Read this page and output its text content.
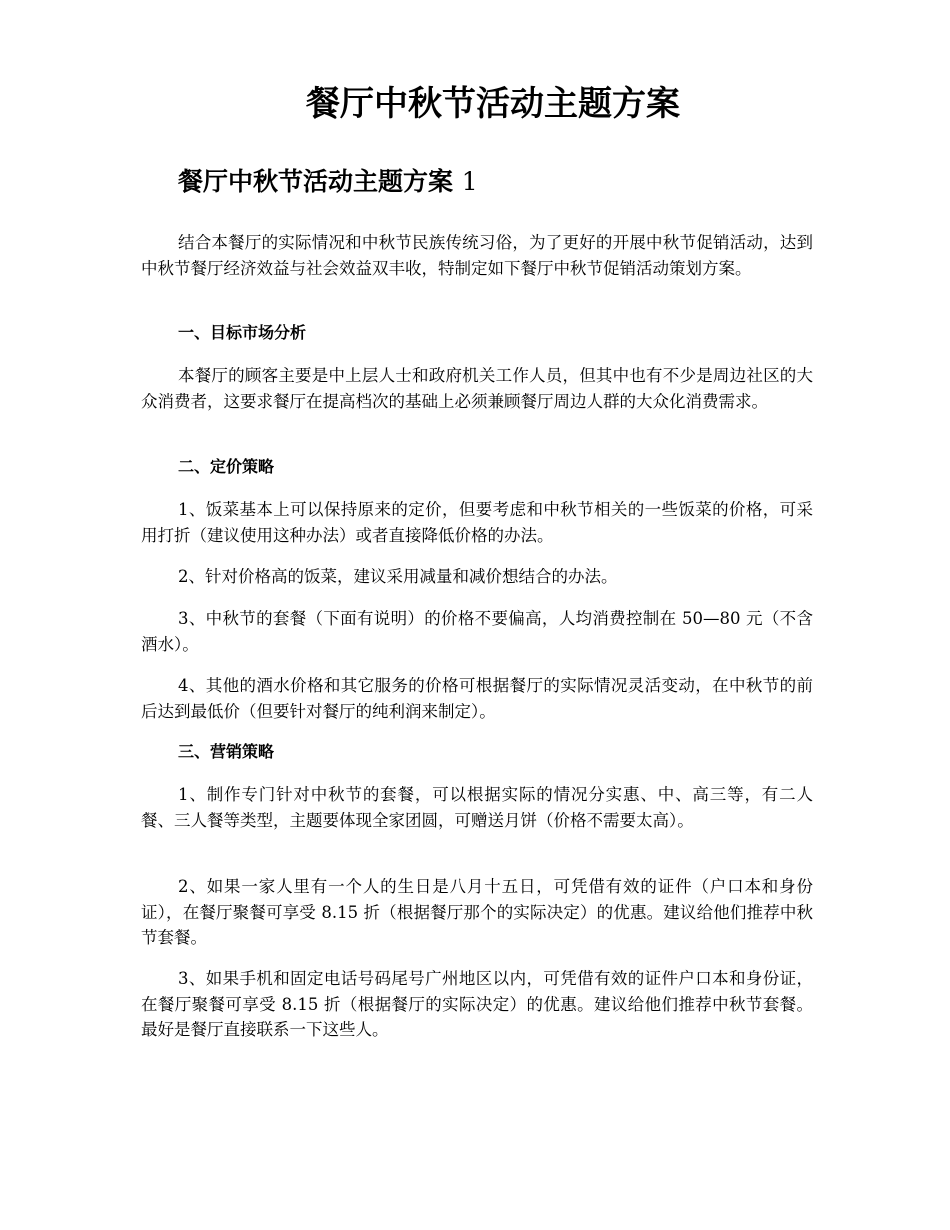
餐厅中秋节活动主题方案
餐厅中秋节活动主题方案 1

结合本餐厅的实际情况和中秋节民族传统习俗，为了更好的开展中秋节促销活动，达到中秋节餐厅经济效益与社会效益双丰收，特制定如下餐厅中秋节促销活动策划方案。

一、目标市场分析

本餐厅的顾客主要是中上层人士和政府机关工作人员，但其中也有不少是周边社区的大众消费者，这要求餐厅在提高档次的基础上必须兼顾餐厅周边人群的大众化消费需求。

二、定价策略

1、饭菜基本上可以保持原来的定价，但要考虑和中秋节相关的一些饭菜的价格，可采用打折（建议使用这种办法）或者直接降低价格的办法。

2、针对价格高的饭菜，建议采用减量和减价想结合的办法。

3、中秋节的套餐（下面有说明）的价格不要偏高，人均消费控制在 50—80 元（不含酒水）。

4、其他的酒水价格和其它服务的价格可根据餐厅的实际情况灵活变动，在中秋节的前后达到最低价（但要针对餐厅的纯利润来制定）。

三、营销策略

1、制作专门针对中秋节的套餐，可以根据实际的情况分实惠、中、高三等，有二人餐、三人餐等类型，主题要体现全家团圆，可赠送月饼（价格不需要太高）。

2、如果一家人里有一个人的生日是八月十五日，可凭借有效的证件（户口本和身份证），在餐厅聚餐可享受 8.15 折（根据餐厅那个的实际决定）的优惠。建议给他们推荐中秋节套餐。

3、如果手机和固定电话号码尾号广州地区以内，可凭借有效的证件户口本和身份证，在餐厅聚餐可享受 8.15 折（根据餐厅的实际决定）的优惠。建议给他们推荐中秋节套餐。最好是餐厅直接联系一下这些人。
